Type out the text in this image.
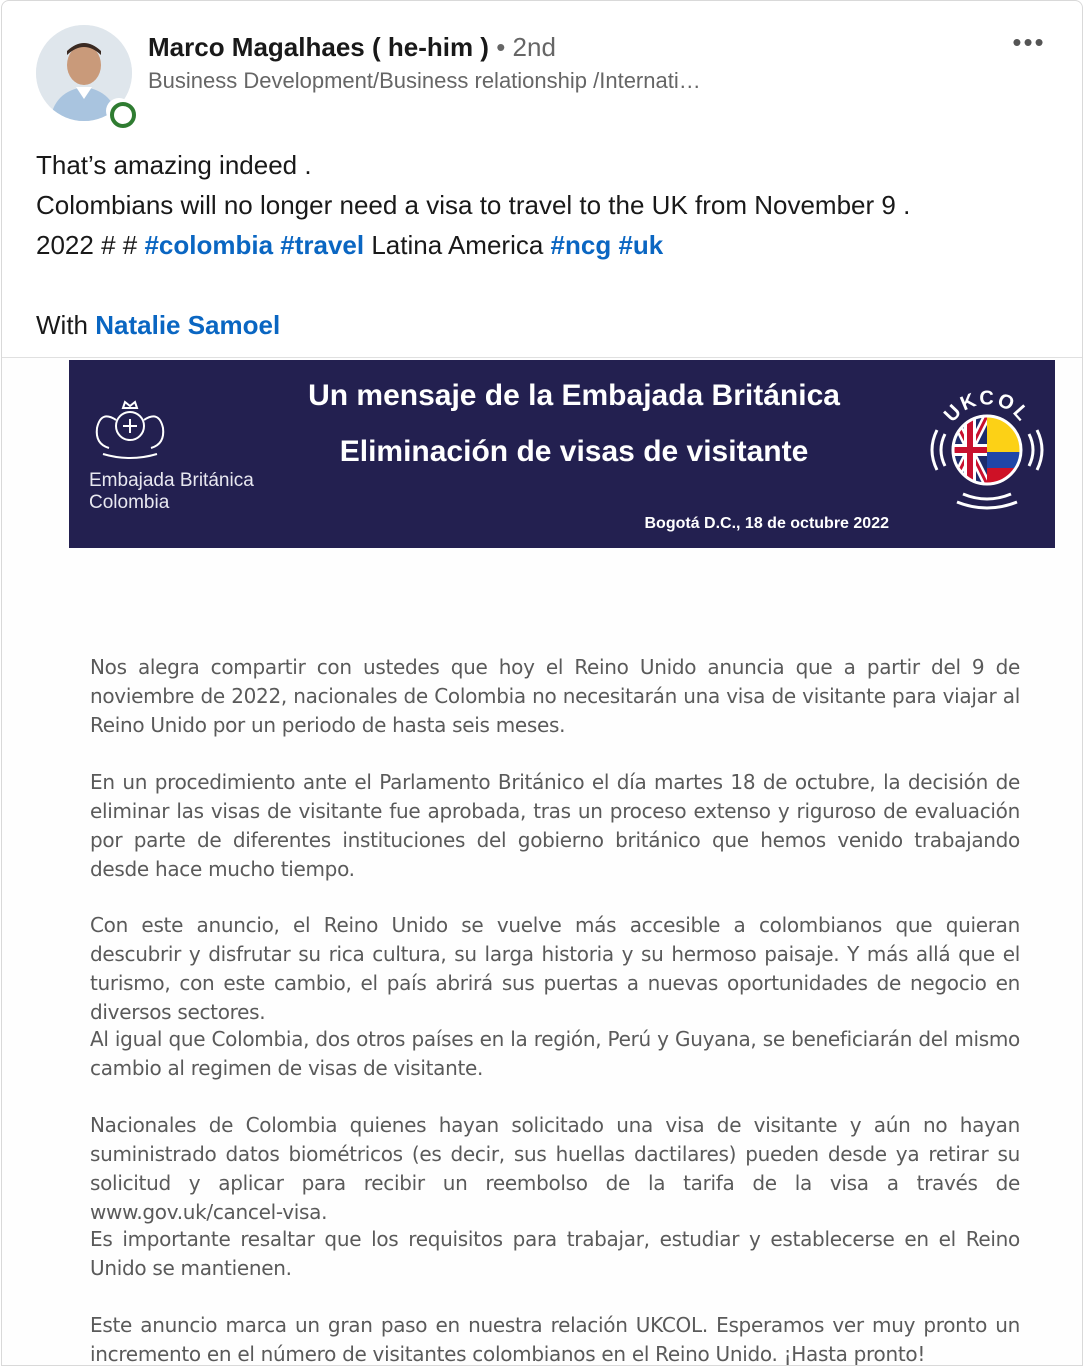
Marco Magalhaes ( he-him ) • 2nd
Business Development/Business relationship /Internati…
•••
That’s amazing indeed .
Colombians will no longer need a visa to travel to the UK from November 9 .
2022 # # #colombia #travel Latina America #ncg #uk
With Natalie Samoel
Embajada Británica
Colombia
Un mensaje de la Embajada Británica
Eliminación de visas de visitante
Bogotá D.C., 18 de octubre 2022
UKCOL

Nos alegra compartir con ustedes que hoy el Reino Unido anuncia que a partir del 9 de noviembre de 2022, nacionales de Colombia no necesitarán una visa de visitante para viajar al Reino Unido por un periodo de hasta seis meses.

En un procedimiento ante el Parlamento Británico el día martes 18 de octubre, la decisión de eliminar las visas de visitante fue aprobada, tras un proceso extenso y riguroso de evaluación por parte de diferentes instituciones del gobierno británico que hemos venido trabajando desde hace mucho tiempo.

Con este anuncio, el Reino Unido se vuelve más accesible a colombianos que quieran descubrir y disfrutar su rica cultura, su larga historia y su hermoso paisaje. Y más allá que el turismo, con este cambio, el país abrirá sus puertas a nuevas oportunidades de negocio en diversos sectores.

Al igual que Colombia, dos otros países en la región, Perú y Guyana, se beneficiarán del mismo cambio al regimen de visas de visitante.

Nacionales de Colombia quienes hayan solicitado una visa de visitante y aún no hayan suministrado datos biométricos (es decir, sus huellas dactilares) pueden desde ya retirar su solicitud y aplicar para recibir un reembolso de la tarifa de la visa a través de www.gov.uk/cancel-visa.

Es importante resaltar que los requisitos para trabajar, estudiar y establecerse en el Reino Unido se mantienen.

Este anuncio marca un gran paso en nuestra relación UKCOL. Esperamos ver muy pronto un incremento en el número de visitantes colombianos en el Reino Unido. ¡Hasta pronto!
